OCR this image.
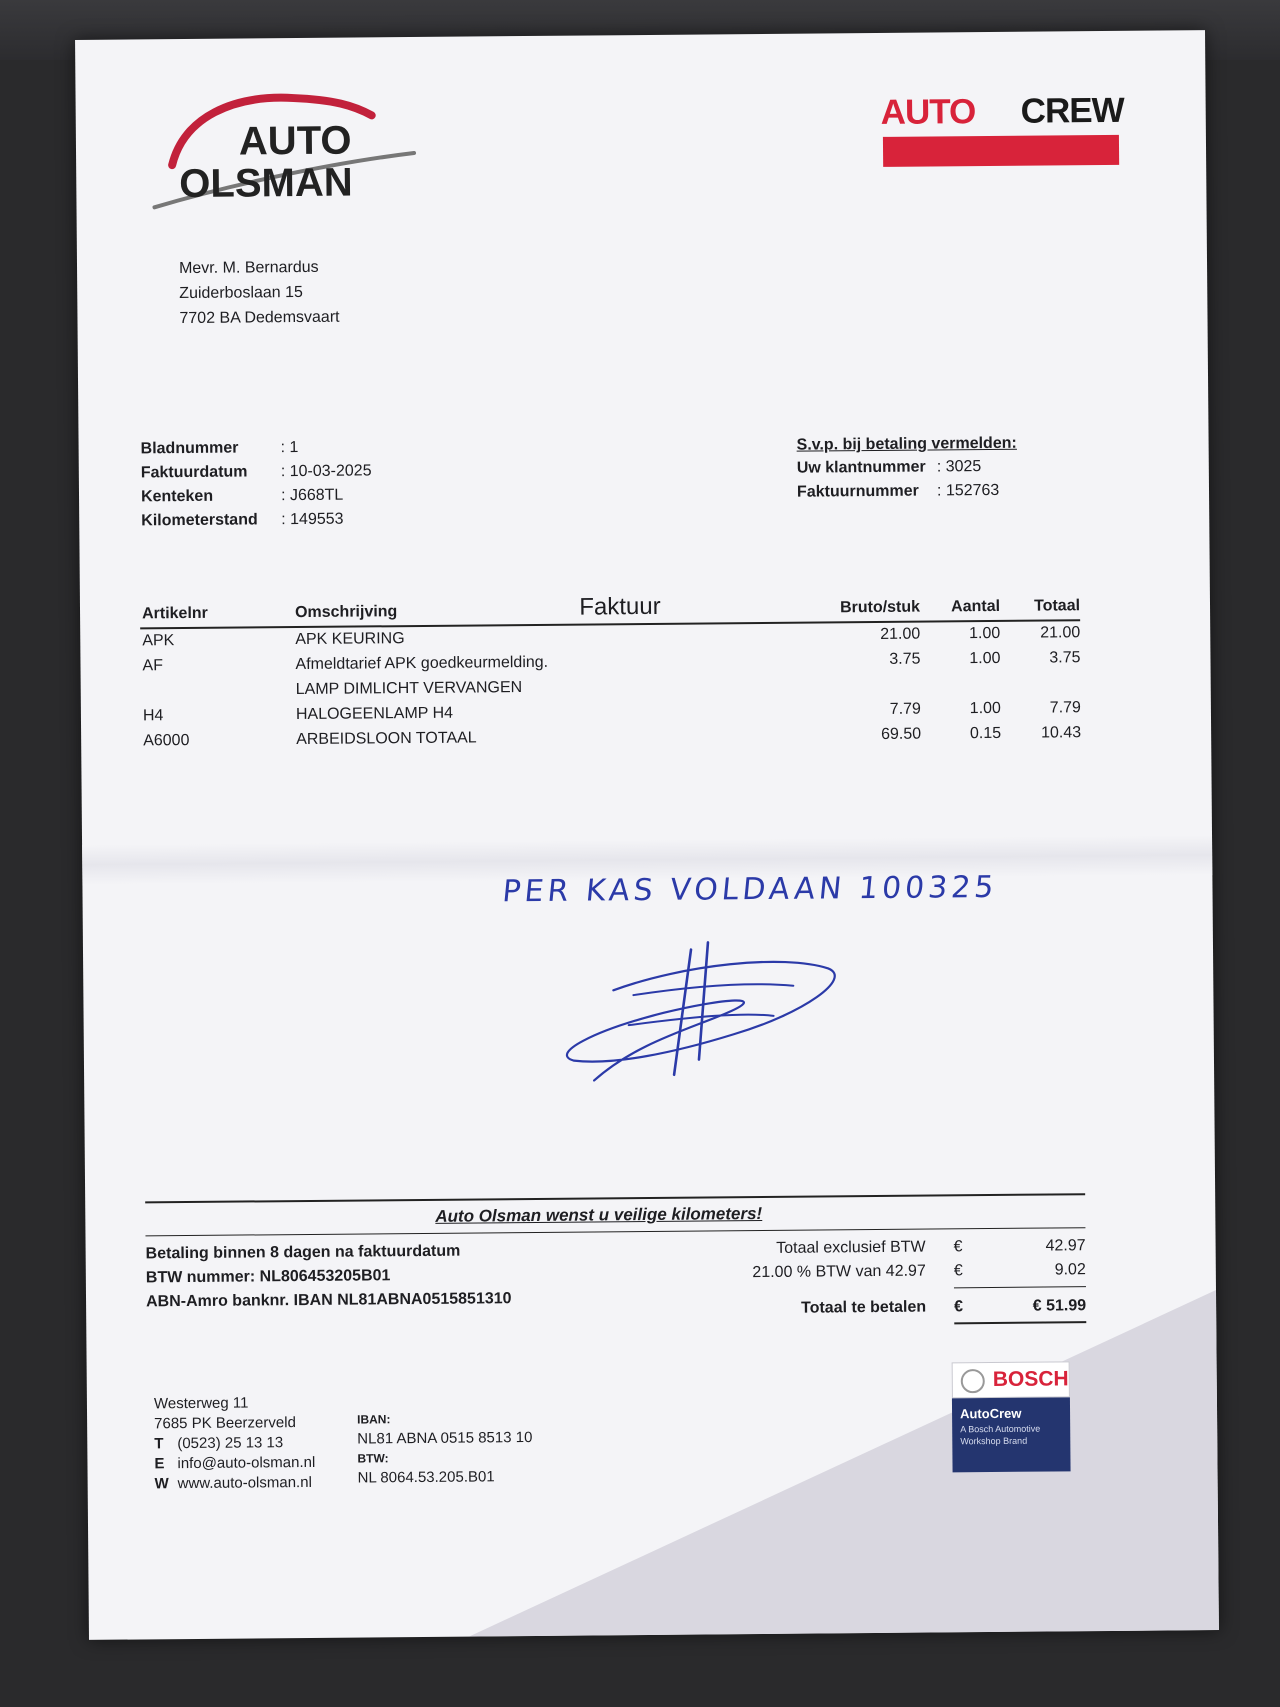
AUTO
OLSMAN
AUTO CREW
Mevr. M. Bernardus
Zuiderboslaan 15
7702 BA Dedemsvaart
Bladnummer	: 1
Faktuurdatum : 10-03-2025
Kenteken	: J668TL
Kilometerstand : 149553
S.v.p. bij betaling vermelden:
Uw klantnummer : 3025
Faktuurnummer : 152763
Faktuur
Artikelnr	Omschrijving	Bruto/stuk	Aantal	Totaal
APK	APK KEURING	21.00	1.00	21.00
AF	Afmeldtarief APK goedkeurmelding.	3.75	1.00	3.75
LAMP DIMLICHT VERVANGEN
H4	HALOGEENLAMP H4	7.79	1.00	7.79
A6000	ARBEIDSLOON TOTAAL	69.50	0.15	10.43
PER KAS VOLDAAN 100325
Auto Olsman wenst u veilige kilometers!
Betaling binnen 8 dagen na faktuurdatum
BTW nummer: NL806453205B01
ABN-Amro banknr. IBAN NL81ABNA0515851310
Totaal exclusief BTW €	42.97
21.00 % BTW van 42.97 €	9.02
Totaal te betalen €	€ 51.99
Westerweg 11
7685 PK Beerzerveld
T (0523) 25 13 13
E info@auto-olsman.nl
W www.auto-olsman.nl
IBAN:
NL81 ABNA 0515 8513 10
BTW:
NL 8064.53.205.B01
BOSCH
AutoCrew
A Bosch Automotive
Workshop Brand
